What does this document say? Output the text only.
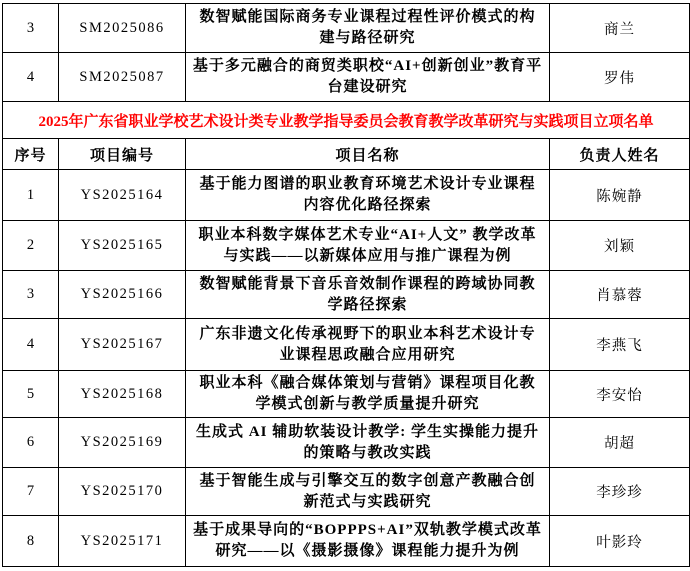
3	SM2025086	数智赋能国际商务专业课程过程性评价模式的构建与路径研究	商兰
4	SM2025087	基于多元融合的商贸类职校“AI+创新创业”教育平台建设研究	罗伟
2025年广东省职业学校艺术设计类专业教学指导委员会教育教学改革研究与实践项目立项名单			
序号	项目编号	项目名称	负责人姓名
1	YS2025164	基于能力图谱的职业教育环境艺术设计专业课程内容优化路径探索	陈婉静
2	YS2025165	职业本科数字媒体艺术专业“AI+人文” 教学改革与实践——以新媒体应用与推广课程为例	刘颖
3	YS2025166	数智赋能背景下音乐音效制作课程的跨域协同教学路径探索	肖慕蓉
4	YS2025167	广东非遗文化传承视野下的职业本科艺术设计专业课程思政融合应用研究	李燕飞
5	YS2025168	职业本科《融合媒体策划与营销》课程项目化教学模式创新与教学质量提升研究	李安怡
6	YS2025169	生成式 AI 辅助软装设计教学: 学生实操能力提升的策略与教改实践	胡超
7	YS2025170	基于智能生成与引擎交互的数字创意产教融合创新范式与实践研究	李珍珍
8	YS2025171	基于成果导向的“BOPPPS+AI”双轨教学模式改革研究——以《摄影摄像》课程能力提升为例	叶影玲
